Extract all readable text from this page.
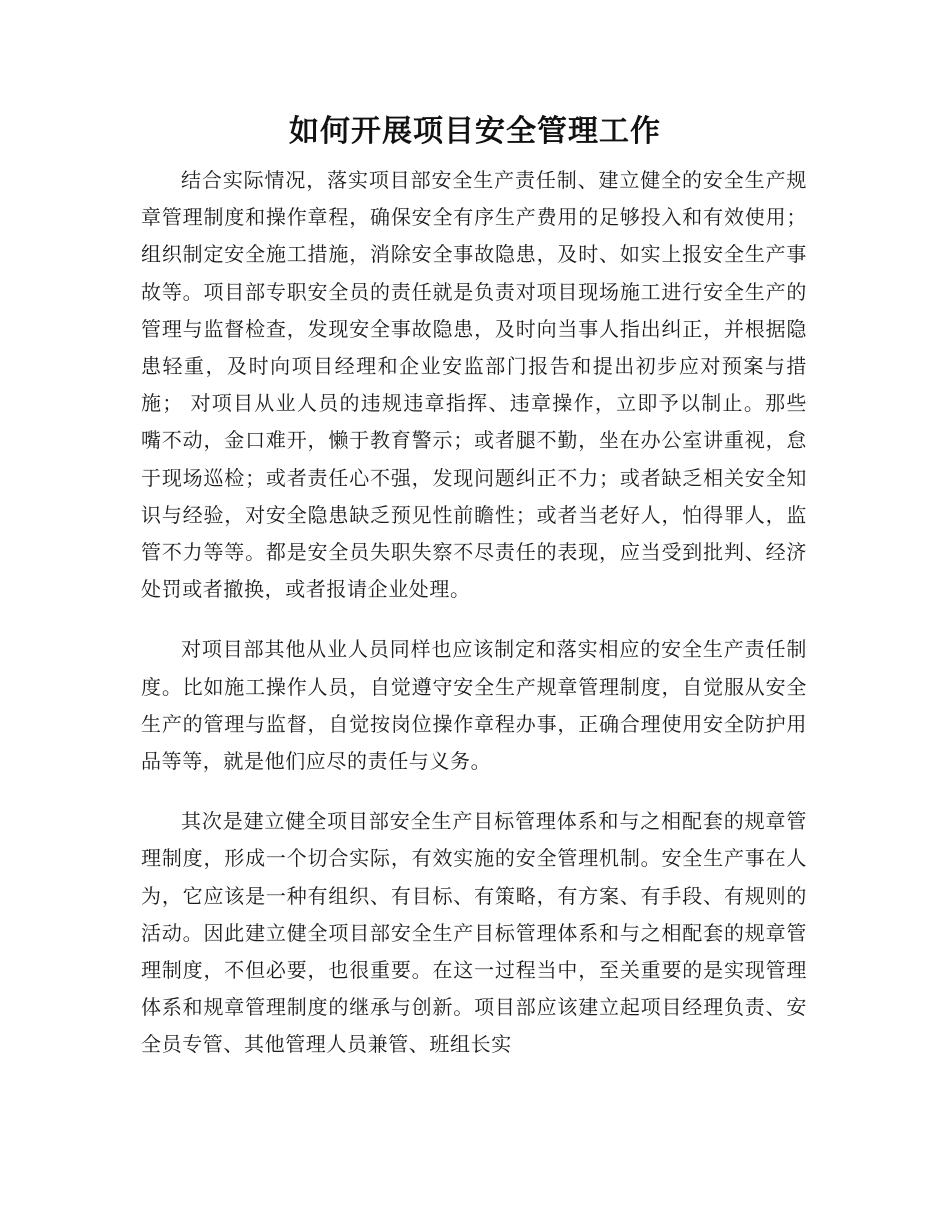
如何开展项目安全管理工作

结合实际情况，落实项目部安全生产责任制、建立健全的安全生产规章管理制度和操作章程，确保安全有序生产费用的足够投入和有效使用；组织制定安全施工措施，消除安全事故隐患，及时、如实上报安全生产事故等。项目部专职安全员的责任就是负责对项目现场施工进行安全生产的管理与监督检查，发现安全事故隐患，及时向当事人指出纠正，并根据隐患轻重，及时向项目经理和企业安监部门报告和提出初步应对预案与措施； 对项目从业人员的违规违章指挥、违章操作，立即予以制止。那些嘴不动，金口难开，懒于教育警示；或者腿不勤，坐在办公室讲重视，怠于现场巡检；或者责任心不强，发现问题纠正不力；或者缺乏相关安全知识与经验，对安全隐患缺乏预见性前瞻性；或者当老好人，怕得罪人，监管不力等等。都是安全员失职失察不尽责任的表现，应当受到批判、经济处罚或者撤换，或者报请企业处理。

对项目部其他从业人员同样也应该制定和落实相应的安全生产责任制度。比如施工操作人员，自觉遵守安全生产规章管理制度，自觉服从安全生产的管理与监督，自觉按岗位操作章程办事，正确合理使用安全防护用品等等，就是他们应尽的责任与义务。

其次是建立健全项目部安全生产目标管理体系和与之相配套的规章管理制度，形成一个切合实际，有效实施的安全管理机制。安全生产事在人为，它应该是一种有组织、有目标、有策略，有方案、有手段、有规则的活动。因此建立健全项目部安全生产目标管理体系和与之相配套的规章管理制度，不但必要，也很重要。在这一过程当中，至关重要的是实现管理体系和规章管理制度的继承与创新。项目部应该建立起项目经理负责、安全员专管、其他管理人员兼管、班组长实
